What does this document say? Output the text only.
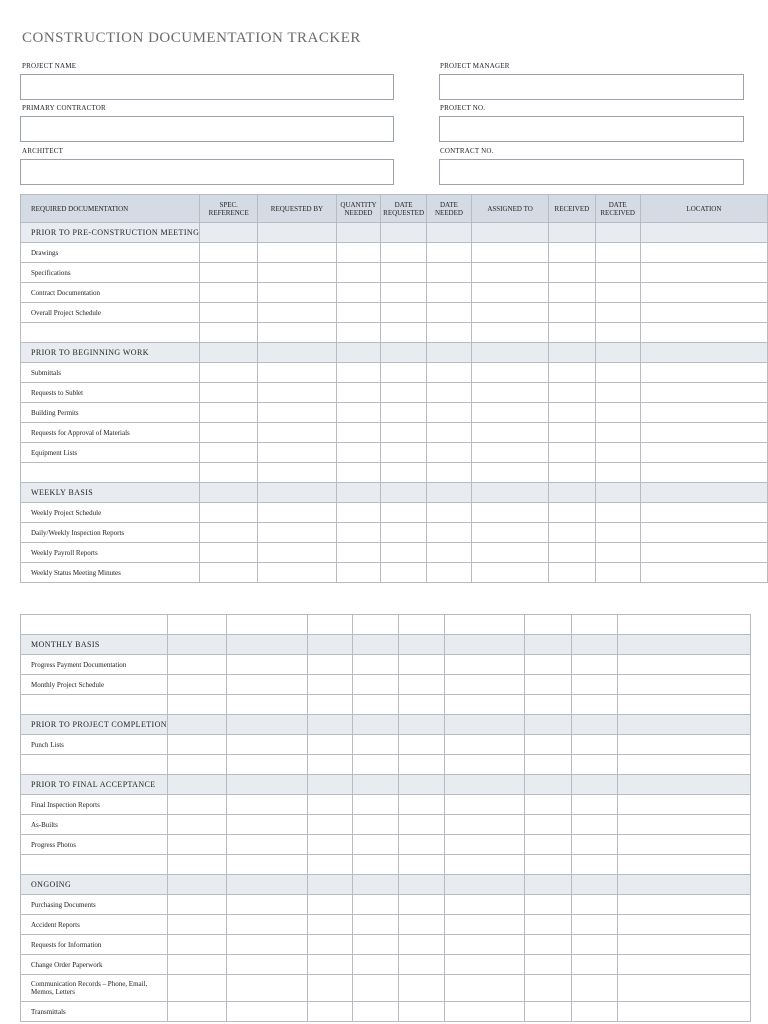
CONSTRUCTION DOCUMENTATION TRACKER
PROJECT NAME	PROJECT MANAGER
PRIMARY CONTRACTOR	PROJECT NO.
ARCHITECT	CONTRACT NO.
REQUIRED DOCUMENTATION	SPEC. REFERENCE	REQUESTED BY	QUANTITY NEEDED	DATE REQUESTED	DATE NEEDED	ASSIGNED TO	RECEIVED	DATE RECEIVED	LOCATION
PRIOR TO PRE-CONSTRUCTION MEETING									
Drawings									
Specifications									
Contract Documentation									
Overall Project Schedule									

PRIOR TO BEGINNING WORK									
Submittals									
Requests to Sublet									
Building Permits									
Requests for Approval of Materials									
Equipment Lists									

WEEKLY BASIS									
Weekly Project Schedule									
Daily/Weekly Inspection Reports									
Weekly Payroll Reports									
Weekly Status Meeting Minutes									

MONTHLY BASIS									
Progress Payment Documentation									
Monthly Project Schedule									

PRIOR TO PROJECT COMPLETION									
Punch Lists									

PRIOR TO FINAL ACCEPTANCE									
Final Inspection Reports									
As-Builts									
Progress Photos									

ONGOING									
Purchasing Documents									
Accident Reports									
Requests for Information									
Change Order Paperwork									
Communication Records – Phone, Email, Memos, Letters									
Transmittals									
